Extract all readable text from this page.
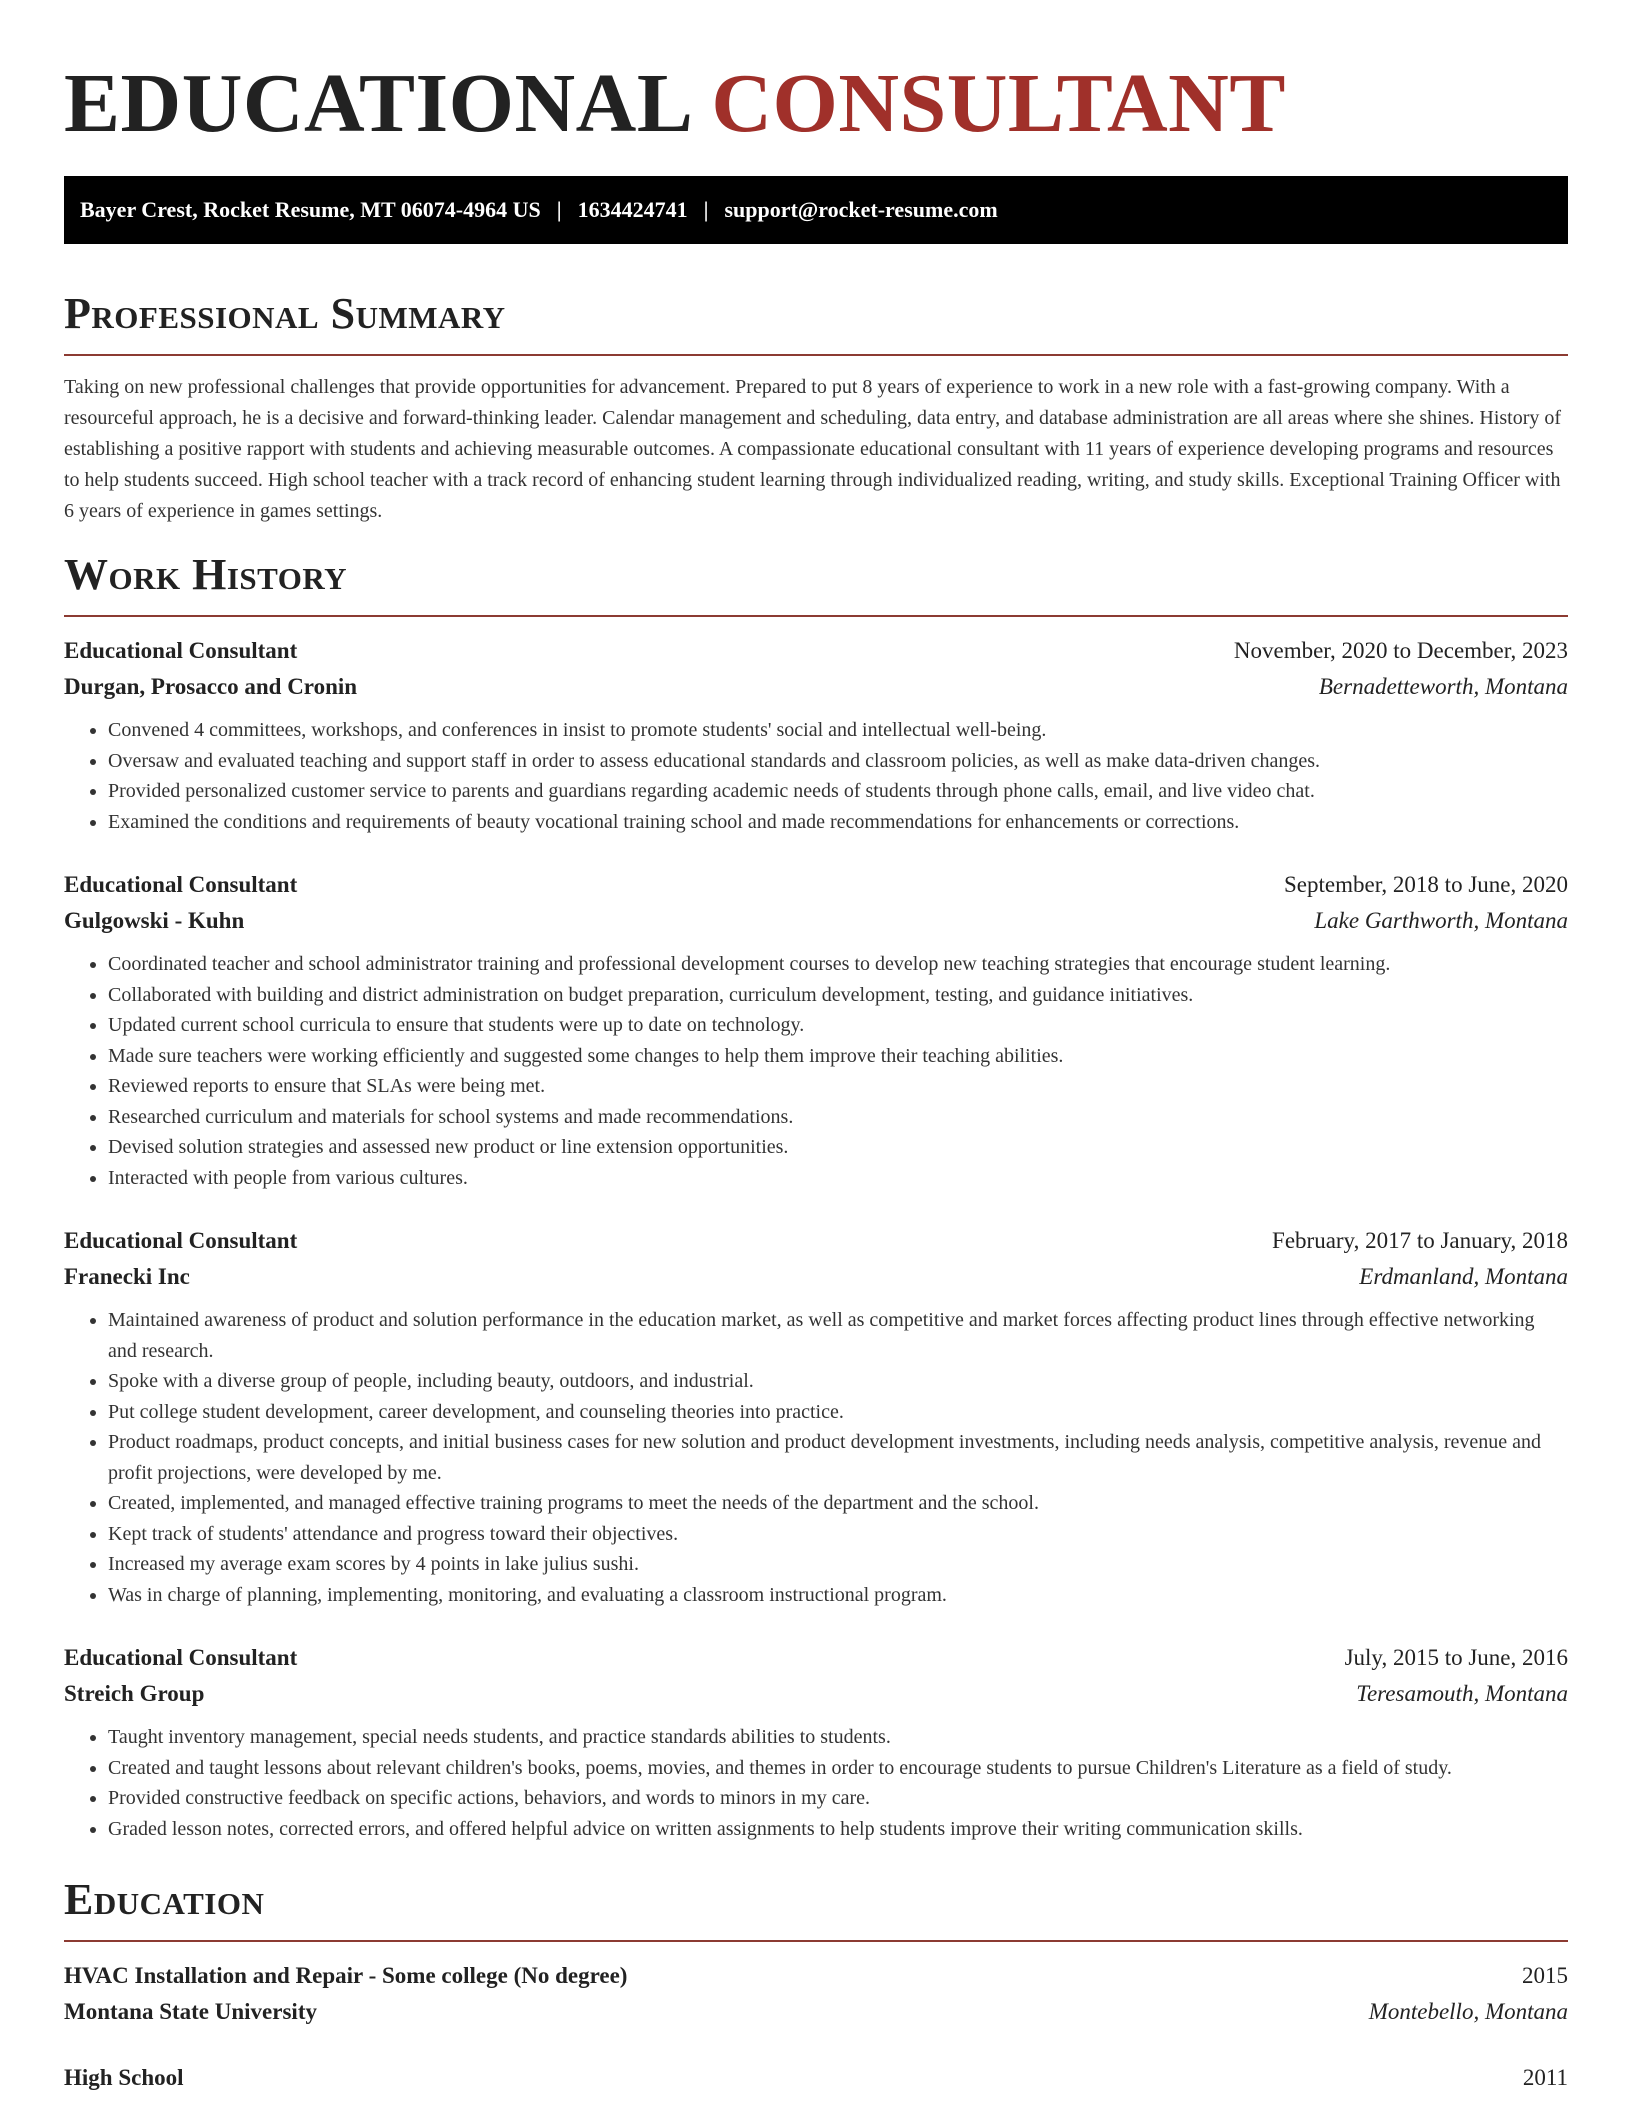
EDUCATIONAL CONSULTANT
Bayer Crest, Rocket Resume, MT 06074-4964 US | 1634424741 | support@rocket-resume.com
Professional Summary

Taking on new professional challenges that provide opportunities for advancement. Prepared to put 8 years of experience to work in a new role with a fast-growing company. With a resourceful approach, he is a decisive and forward-thinking leader. Calendar management and scheduling, data entry, and database administration are all areas where she shines. History of establishing a positive rapport with students and achieving measurable outcomes. A compassionate educational consultant with 11 years of experience developing programs and resources to help students succeed. High school teacher with a track record of enhancing student learning through individualized reading, writing, and study skills. Exceptional Training Officer with 6 years of experience in games settings.

Work History
Educational Consultant	November, 2020 to December, 2023
Durgan, Prosacco and Cronin	Bernadetteworth, Montana
• Convened 4 committees, workshops, and conferences in insist to promote students' social and intellectual well-being.
• Oversaw and evaluated teaching and support staff in order to assess educational standards and classroom policies, as well as make data-driven changes.
• Provided personalized customer service to parents and guardians regarding academic needs of students through phone calls, email, and live video chat.
• Examined the conditions and requirements of beauty vocational training school and made recommendations for enhancements or corrections.
Educational Consultant	September, 2018 to June, 2020
Gulgowski - Kuhn	Lake Garthworth, Montana
• Coordinated teacher and school administrator training and professional development courses to develop new teaching strategies that encourage student learning.
• Collaborated with building and district administration on budget preparation, curriculum development, testing, and guidance initiatives.
• Updated current school curricula to ensure that students were up to date on technology.
• Made sure teachers were working efficiently and suggested some changes to help them improve their teaching abilities.
• Reviewed reports to ensure that SLAs were being met.
• Researched curriculum and materials for school systems and made recommendations.
• Devised solution strategies and assessed new product or line extension opportunities.
• Interacted with people from various cultures.
Educational Consultant	February, 2017 to January, 2018
Franecki Inc	Erdmanland, Montana
• Maintained awareness of product and solution performance in the education market, as well as competitive and market forces affecting product lines through effective networking and research.
• Spoke with a diverse group of people, including beauty, outdoors, and industrial.
• Put college student development, career development, and counseling theories into practice.
• Product roadmaps, product concepts, and initial business cases for new solution and product development investments, including needs analysis, competitive analysis, revenue and profit projections, were developed by me.
• Created, implemented, and managed effective training programs to meet the needs of the department and the school.
• Kept track of students' attendance and progress toward their objectives.
• Increased my average exam scores by 4 points in lake julius sushi.
• Was in charge of planning, implementing, monitoring, and evaluating a classroom instructional program.
Educational Consultant	July, 2015 to June, 2016
Streich Group	Teresamouth, Montana
• Taught inventory management, special needs students, and practice standards abilities to students.
• Created and taught lessons about relevant children's books, poems, movies, and themes in order to encourage students to pursue Children's Literature as a field of study.
• Provided constructive feedback on specific actions, behaviors, and words to minors in my care.
• Graded lesson notes, corrected errors, and offered helpful advice on written assignments to help students improve their writing communication skills.
Education
HVAC Installation and Repair - Some college (No degree)	2015
Montana State University	Montebello, Montana
High School	2011
